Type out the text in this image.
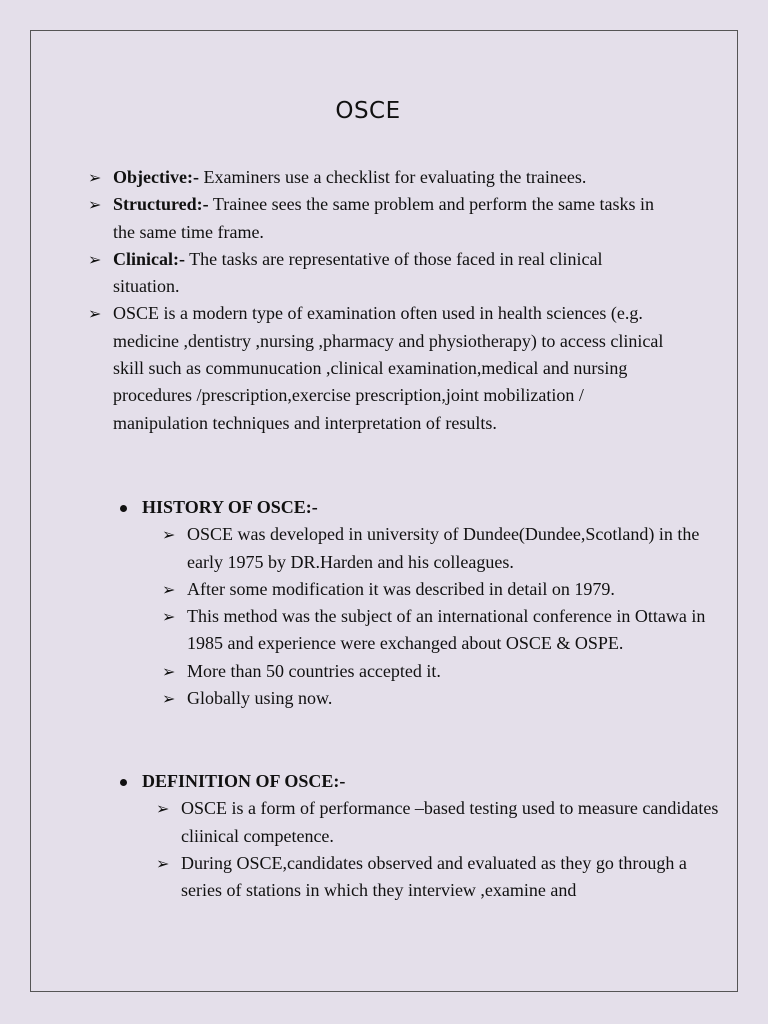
OSCE
➢ Objective:- Examiners use a checklist for evaluating the trainees.
➢ Structured:- Trainee sees the same problem and perform the same tasks in the same time frame.
➢ Clinical:- The tasks are representative of those faced in real clinical situation.
➢ OSCE is a modern type of examination often used in health sciences (e.g. medicine ,dentistry ,nursing ,pharmacy and physiotherapy) to access clinical skill such as communucation ,clinical examination,medical and nursing procedures /prescription,exercise prescription,joint mobilization / manipulation techniques and interpretation of results.
HISTORY OF OSCE:-
➢ OSCE was developed in university of Dundee(Dundee,Scotland) in the early 1975 by DR.Harden and his colleagues.
➢ After some modification it was described in detail on 1979.
➢ This method was the subject of an international conference in Ottawa in 1985 and experience were exchanged about OSCE & OSPE.
➢ More than 50 countries accepted it.
➢ Globally using now.
DEFINITION OF OSCE:-
➢ OSCE is a form of performance –based testing used to measure candidates cliinical competence.
➢ During OSCE,candidates observed and evaluated as they go through a series of stations in which they interview ,examine and
